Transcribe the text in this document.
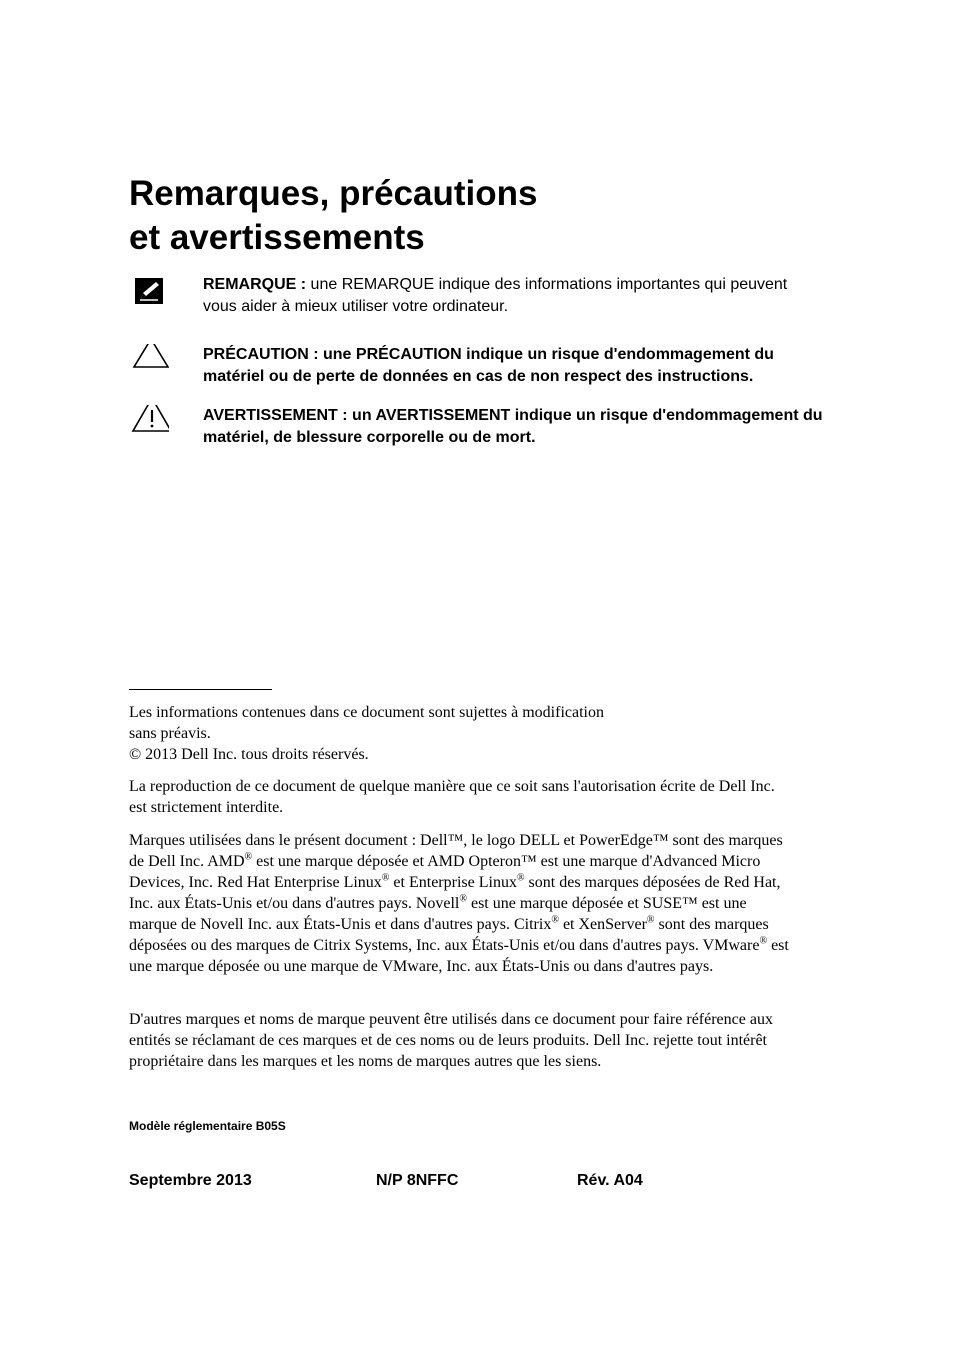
Remarques, précautions
et avertissements
REMARQUE : une REMARQUE indique des informations importantes qui peuvent vous aider à mieux utiliser votre ordinateur.
PRÉCAUTION : une PRÉCAUTION indique un risque d'endommagement du matériel ou de perte de données en cas de non respect des instructions.
AVERTISSEMENT : un AVERTISSEMENT indique un risque d'endommagement du matériel, de blessure corporelle ou de mort.

Les informations contenues dans ce document sont sujettes à modification

sans préavis.

© 2013 Dell Inc. tous droits réservés.

La reproduction de ce document de quelque manière que ce soit sans l'autorisation écrite de Dell Inc. est strictement interdite.

Marques utilisées dans le présent document : Dell™, le logo DELL et PowerEdge™ sont des marques de Dell Inc. AMD® est une marque déposée et AMD Opteron™ est une marque d'Advanced Micro Devices, Inc. Red Hat Enterprise Linux® et Enterprise Linux® sont des marques déposées de Red Hat, Inc. aux États-Unis et/ou dans d'autres pays. Novell® est une marque déposée et SUSE™ est une marque de Novell Inc. aux États-Unis et dans d'autres pays. Citrix® et XenServer® sont des marques déposées ou des marques de Citrix Systems, Inc. aux États-Unis et/ou dans d'autres pays. VMware® est une marque déposée ou une marque de VMware, Inc. aux États-Unis ou dans d'autres pays.

D'autres marques et noms de marque peuvent être utilisés dans ce document pour faire référence aux entités se réclamant de ces marques et de ces noms ou de leurs produits. Dell Inc. rejette tout intérêt propriétaire dans les marques et les noms de marques autres que les siens.

Modèle réglementaire B05S
Septembre 2013	N/P 8NFFC	Rév. A04
